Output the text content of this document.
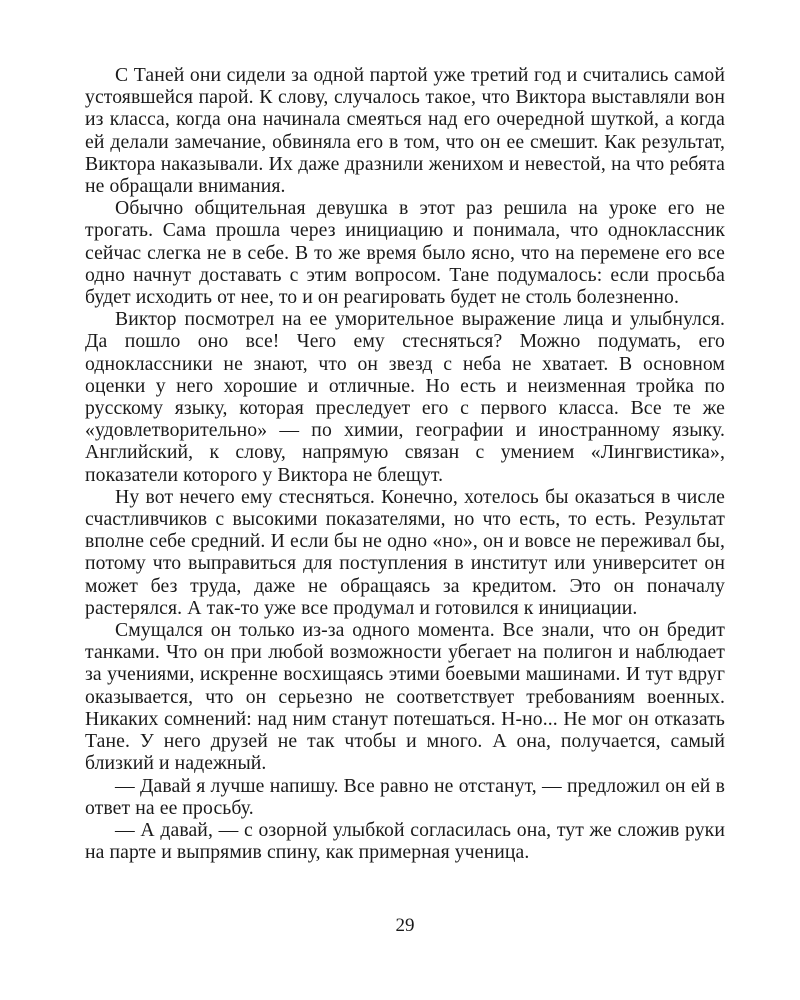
С Таней они сидели за одной партой уже третий год и считались самой устоявшейся парой. К слову, случалось такое, что Виктора выставляли вон из класса, когда она начинала смеяться над его очередной шуткой, а когда ей делали замечание, обвиняла его в том, что он ее смешит. Как результат, Виктора наказывали. Их даже дразнили женихом и невестой, на что ребята не обращали внимания.

Обычно общительная девушка в этот раз решила на уроке его не трогать. Сама прошла через инициацию и понимала, что одноклассник сейчас слегка не в себе. В то же время было ясно, что на перемене его все одно начнут доставать с этим вопросом. Тане подумалось: если просьба будет исходить от нее, то и он реагировать будет не столь болезненно.

Виктор посмотрел на ее уморительное выражение лица и улыбнулся. Да пошло оно все! Чего ему стесняться? Можно подумать, его одноклассники не знают, что он звезд с неба не хватает. В основном оценки у него хорошие и отличные. Но есть и неизменная тройка по русскому языку, которая преследует его с первого класса. Все те же «удовлетворительно» — по химии, географии и иностранному языку. Английский, к слову, напрямую связан с умением «Лингвистика», показатели которого у Виктора не блещут.

Ну вот нечего ему стесняться. Конечно, хотелось бы оказаться в числе счастливчиков с высокими показателями, но что есть, то есть. Результат вполне себе средний. И если бы не одно «но», он и вовсе не переживал бы, потому что выправиться для поступления в институт или университет он может без труда, даже не обращаясь за кредитом. Это он поначалу растерялся. А так-то уже все продумал и готовился к инициации.

Смущался он только из-за одного момента. Все знали, что он бредит танками. Что он при любой возможности убегает на полигон и наблюдает за учениями, искренне восхищаясь этими боевыми машинами. И тут вдруг оказывается, что он серьезно не соответствует требованиям военных. Никаких сомнений: над ним станут потешаться. Н-но... Не мог он отказать Тане. У него друзей не так чтобы и много. А она, получается, самый близкий и надежный.

— Давай я лучше напишу. Все равно не отстанут, — предложил он ей в ответ на ее просьбу.

— А давай, — с озорной улыбкой согласилась она, тут же сложив руки на парте и выпрямив спину, как примерная ученица.

29
